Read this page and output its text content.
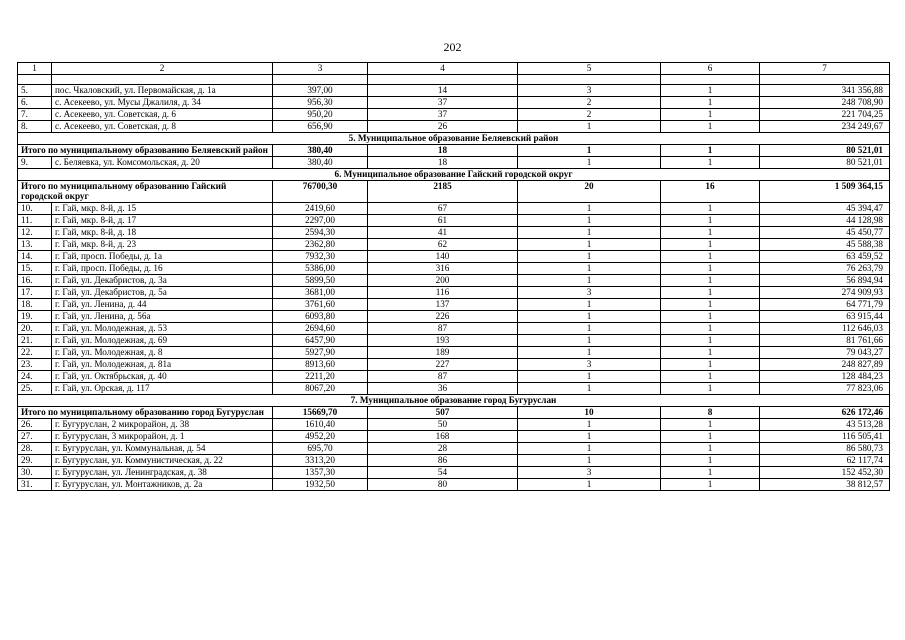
202
1	2	3	4	5	6	7

5.	пос. Чкаловский, ул. Первомайская, д. 1а	397,00	14	3	1	341 356,88
6.	с. Асекеево, ул. Мусы Джалиля, д. 34	956,30	37	2	1	248 708,90
7.	с. Асекеево, ул. Советская, д. 6	950,20	37	2	1	221 704,25
8.	с. Асекеево, ул. Советская, д. 8	656,90	26	1	1	234 249,67
5. Муниципальное образование Беляевский район						
Итого по муниципальному образованию Беляевский район		380,40	18	1	1	80 521,01
9.	с. Беляевка, ул. Комсомольская, д. 20	380,40	18	1	1	80 521,01
6. Муниципальное образование Гайский городской округ						
Итого по муниципальному образованию Гайский городской округ		76700,30	2185	20	16	1 509 364,15
10.	г. Гай, мкр. 8-й, д. 15	2419,60	67	1	1	45 394,47
11.	г. Гай, мкр. 8-й, д. 17	2297,00	61	1	1	44 128,98
12.	г. Гай, мкр. 8-й, д. 18	2594,30	41	1	1	45 450,77
13.	г. Гай, мкр. 8-й, д. 23	2362,80	62	1	1	45 588,38
14.	г. Гай, просп. Победы, д. 1а	7932,30	140	1	1	63 459,52
15.	г. Гай, просп. Победы, д. 16	5386,00	316	1	1	76 263,79
16.	г. Гай, ул. Декабристов, д. 3а	5899,50	200	1	1	56 894,94
17.	г. Гай, ул. Декабристов, д. 5а	3681,00	116	3	1	274 909,93
18.	г. Гай, ул. Ленина, д. 44	3761,60	137	1	1	64 771,79
19.	г. Гай, ул. Ленина, д. 56а	6093,80	226	1	1	63 915,44
20.	г. Гай, ул. Молодежная, д. 53	2694,60	87	1	1	112 646,03
21.	г. Гай, ул. Молодежная, д. 69	6457,90	193	1	1	81 761,66
22.	г. Гай, ул. Молодежная, д. 8	5927,90	189	1	1	79 043,27
23.	г. Гай, ул. Молодежная, д. 81а	8913,60	227	3	1	248 827,89
24.	г. Гай, ул. Октябрьская, д. 40	2211,20	87	1	1	128 484,23
25.	г. Гай, ул. Орская, д. 117	8067,20	36	1	1	77 823,06
7. Муниципальное образование город Бугуруслан						
Итого по муниципальному образованию город Бугуруслан		15669,70	507	10	8	626 172,46
26.	г. Бугуруслан, 2 микрорайон, д. 38	1610,40	50	1	1	43 513,28
27.	г. Бугуруслан, 3 микрорайон, д. 1	4952,20	168	1	1	116 505,41
28.	г. Бугуруслан, ул. Коммунальная, д. 54	695,70	28	1	1	86 580,73
29.	г. Бугуруслан, ул. Коммунистическая, д. 22	3313,20	86	1	1	62 117,74
30.	г. Бугуруслан, ул. Ленинградская, д. 38	1357,30	54	3	1	152 452,30
31.	г. Бугуруслан, ул. Монтажников, д. 2а	1932,50	80	1	1	38 812,57
